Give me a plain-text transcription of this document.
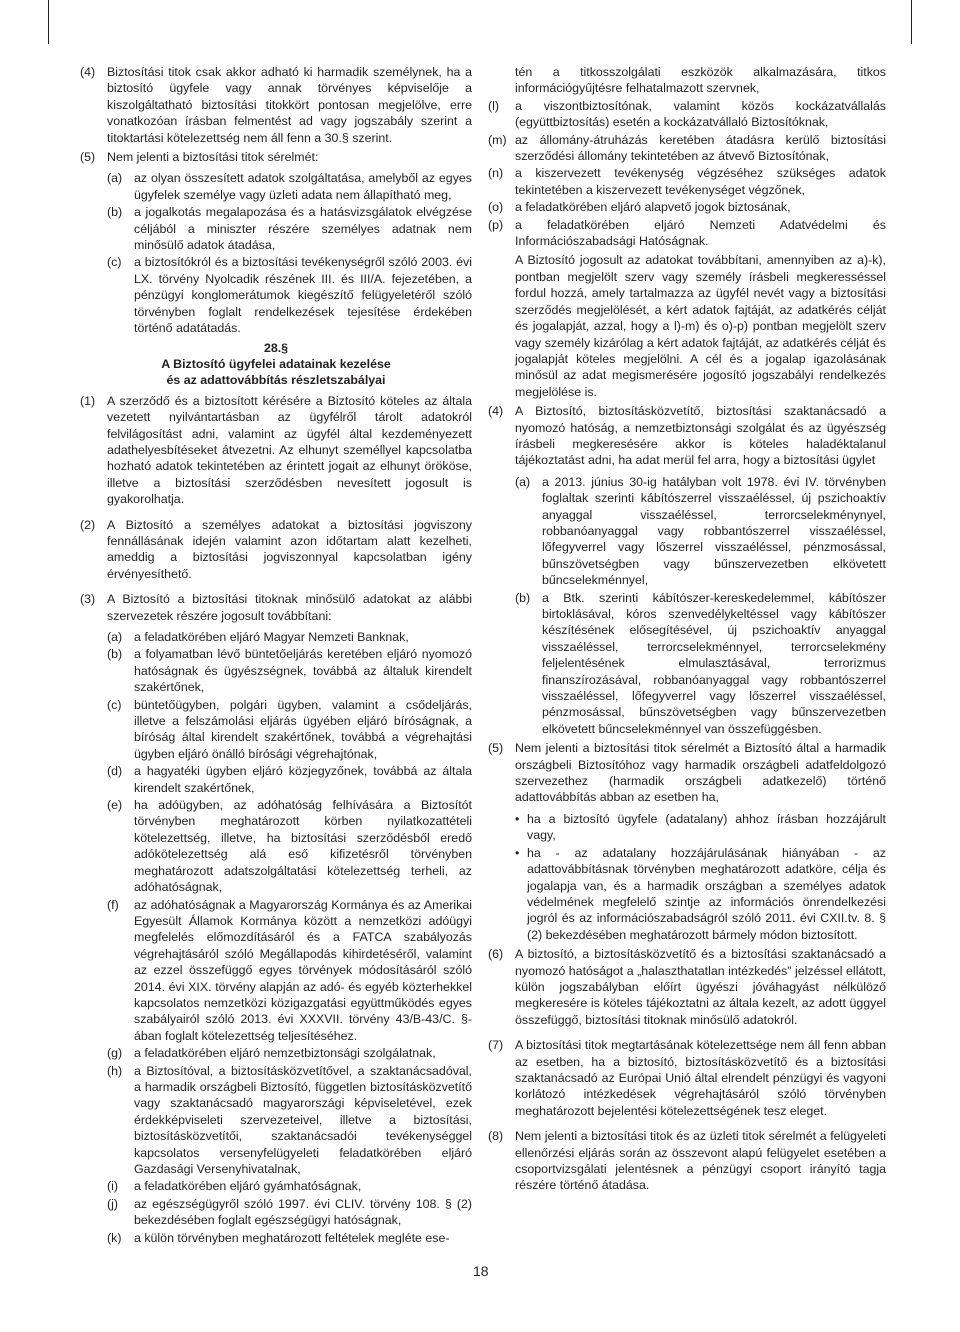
(4) Biztosítási titok csak akkor adható ki harmadik személynek, ha a biztosító ügyfele vagy annak törvényes képviselője a kiszolgáltatható biztosítási titokkört pontosan megjelölve, erre vonatkozóan írásban felmentést ad vagy jogszabály szerint a titoktartási kötelezettség nem áll fenn a 30.§ szerint.
(5) Nem jelenti a biztosítási titok sérelmét:
(a) az olyan összesített adatok szolgáltatása, amelyből az egyes ügyfelek személye vagy üzleti adata nem állapítható meg,
(b) a jogalkotás megalapozása és a hatásvizsgálatok elvégzése céljából a miniszter részére személyes adatnak nem minősülő adatok átadása,
(c) a biztosítókról és a biztosítási tevékenységről szóló 2003. évi LX. törvény Nyolcadik részének III. és III/A. fejezetében, a pénzügyi konglomerátumok kiegészítő felügyeletéről szóló törvényben foglalt rendelkezések tejesítése érdekében történő adatátadás.
28.§
A Biztosító ügyfelei adatainak kezelése
és az adattovábbítás részletszabályai
(1) A szerződő és a biztosított kérésére a Biztosító köteles az általa vezetett nyilvántartásban az ügyfélről tárolt adatokról felvilágosítást adni, valamint az ügyfél által kezdeményezett adathelyesbítéseket átvezetni. Az elhunyt személlyel kapcsolatba hozható adatok tekintetében az érintett jogait az elhunyt örököse, illetve a biztosítási szerződésben nevesített jogosult is gyakorolhatja.
(2) A Biztosító a személyes adatokat a biztosítási jogviszony fennállásának idején valamint azon időtartam alatt kezelheti, ameddig a biztosítási jogviszonnyal kapcsolatban igény érvényesíthető.
(3) A Biztosító a biztosítási titoknak minősülő adatokat az alábbi szervezetek részére jogosult továbbítani:
(a) a feladatkörében eljáró Magyar Nemzeti Banknak,
(b) a folyamatban lévő büntetőeljárás keretében eljáró nyomozó hatóságnak és ügyészségnek, továbbá az általuk kirendelt szakértőnek,
(c) büntetőügyben, polgári ügyben, valamint a csődeljárás, illetve a felszámolási eljárás ügyében eljáró bíróságnak, a bíróság által kirendelt szakértőnek, továbbá a végrehajtási ügyben eljáró önálló bírósági végrehajtónak,
(d) a hagyatéki ügyben eljáró közjegyzőnek, továbbá az általa kirendelt szakértőnek,
(e) ha adóügyben, az adóhatóság felhívására a Biztosítót törvényben meghatározott körben nyilatkozattételi kötelezettség, illetve, ha biztosítási szerződésből eredő adókötelezettség alá eső kifizetésről törvényben meghatározott adatszolgáltatási kötelezettség terheli, az adóhatóságnak,
(f) az adóhatóságnak a Magyarország Kormánya és az Amerikai Egyesült Államok Kormánya között a nemzetközi adóügyi megfelelés előmozdításáról és a FATCA szabályozás végrehajtásáról szóló Megállapodás kihirdetéséről, valamint az ezzel összefüggő egyes törvények módosításáról szóló 2014. évi XIX. törvény alapján az adó- és egyéb közterhekkel kapcsolatos nemzetközi közigazgatási együttműködés egyes szabályairól szóló 2013. évi XXXVII. törvény 43/B-43/C. §-ában foglalt kötelezettség teljesítéséhez.
(g) a feladatkörében eljáró nemzetbiztonsági szolgálatnak,
(h) a Biztosítóval, a biztosításközvetítővel, a szaktanácsadóval, a harmadik országbeli Biztosító, független biztosításközvetítő vagy szaktanácsadó magyarországi képviseletével, ezek érdekképviseleti szervezeteivel, illetve a biztosítási, biztosításközvetítői, szaktanácsadói tevékenységgel kapcsolatos versenyfelügyeleti feladatkörében eljáró Gazdasági Versenyhivatalnak,
(i) a feladatkörében eljáró gyámhatóságnak,
(j) az egészségügyről szóló 1997. évi CLIV. törvény 108. § (2) bekezdésében foglalt egészségügyi hatóságnak,
(k) a külön törvényben meghatározott feltételek megléte ese-
tén a titkosszolgálati eszközök alkalmazására, titkos információgyűjtésre felhatalmazott szervnek,
(l) a viszontbiztosítónak, valamint közös kockázatvállalás (együttbiztosítás) esetén a kockázatvállaló Biztosítóknak,
(m) az állomány-átruházás keretében átadásra kerülő biztosítási szerződési állomány tekintetében az átvevő Biztosítónak,
(n) a kiszervezett tevékenység végzéséhez szükséges adatok tekintetében a kiszervezett tevékenységet végzőnek,
(o) a feladatkörében eljáró alapvető jogok biztosának,
(p) a feladatkörében eljáró Nemzeti Adatvédelmi és Információszabadsági Hatóságnak.
A Biztosító jogosult az adatokat továbbítani, amennyiben az a)-k), pontban megjelölt szerv vagy személy írásbeli megkeresséssel fordul hozzá, amely tartalmazza az ügyfél nevét vagy a biztosítási szerződés megjelölését, a kért adatok fajtáját, az adatkérés célját és jogalapját, azzal, hogy a l)-m) és o)-p) pontban megjelölt szerv vagy személy kizárólag a kért adatok fajtáját, az adatkérés célját és jogalapját köteles megjelölni. A cél és a jogalap igazolásának minősül az adat megismerésére jogosító jogszabályi rendelkezés megjelölése is.
(4) A Biztosító, biztosításközvetítő, biztosítási szaktanácsadó a nyomozó hatóság, a nemzetbiztonsági szolgálat és az ügyészség írásbeli megkeresésére akkor is köteles haladéktalanul tájékoztatást adni, ha adat merül fel arra, hogy a biztosítási ügylet
(a) a 2013. június 30-ig hatályban volt 1978. évi IV. törvényben foglaltak szerinti kábítószerrel visszaéléssel, új pszichoaktív anyaggal visszaéléssel, terrorcselekménynyel, robbanóanyaggal vagy robbantószerrel visszaéléssel, lőfegyverrel vagy lőszerrel visszaéléssel, pénzmosással, bűnszövetségben vagy bűnszervezetben elkövetett bűncselekménnyel,
(b) a Btk. szerinti kábítószer-kereskedelemmel, kábítószer birtoklásával, kóros szenvedélykeltéssel vagy kábítószer készítésének elősegítésével, új pszichoaktív anyaggal visszaéléssel, terrorcselekménnyel, terrorcselekmény feljelentésének elmulasztásával, terrorizmus finanszírozásával, robbanóanyaggal vagy robbantószerrel visszaéléssel, lőfegyverrel vagy lőszerrel visszaéléssel, pénzmosással, bűnszövetségben vagy bűnszervezetben elkövetett bűncselekménnyel van összefüggésben.
(5) Nem jelenti a biztosítási titok sérelmét a Biztosító által a harmadik országbeli Biztosítóhoz vagy harmadik országbeli adatfeldolgozó szervezethez (harmadik országbeli adatkezelő) történő adattovábbítás abban az esetben ha,
• ha a biztosító ügyfele (adatalany) ahhoz írásban hozzájárult vagy,
• ha - az adatalany hozzájárulásának hiányában - az adattovábbításnak törvényben meghatározott adatköre, célja és jogalapja van, és a harmadik országban a személyes adatok védelmének megfelelő szintje az információs önrendelkezési jogról és az információszabadságról szóló 2011. évi CXII.tv. 8. § (2) bekezdésében meghatározott bármely módon biztosított.
(6) A biztosító, a biztosításközvetítő és a biztosítási szaktanácsadó a nyomozó hatóságot a „halaszthatatlan intézkedés” jelzéssel ellátott, külön jogszabályban előírt ügyészi jóváhagyást nélkülöző megkeresére is köteles tájékoztatni az általa kezelt, az adott üggyel összefüggő, biztosítási titoknak minősülő adatokról.
(7) A biztosítási titok megtartásának kötelezettsége nem áll fenn abban az esetben, ha a biztosító, biztosításközvetítő és a biztosítási szaktanácsadó az Európai Unió által elrendelt pénzügyi és vagyoni korlátozó intézkedések végrehajtásáról szóló törvényben meghatározott bejelentési kötelezettségének tesz eleget.
(8) Nem jelenti a biztosítási titok és az üzleti titok sérelmét a felügyeleti ellenőrzési eljárás során az összevont alapú felügyelet esetében a csoportvizsgálati jelentésnek a pénzügyi csoport irányító tagja részére történő átadása.
18
